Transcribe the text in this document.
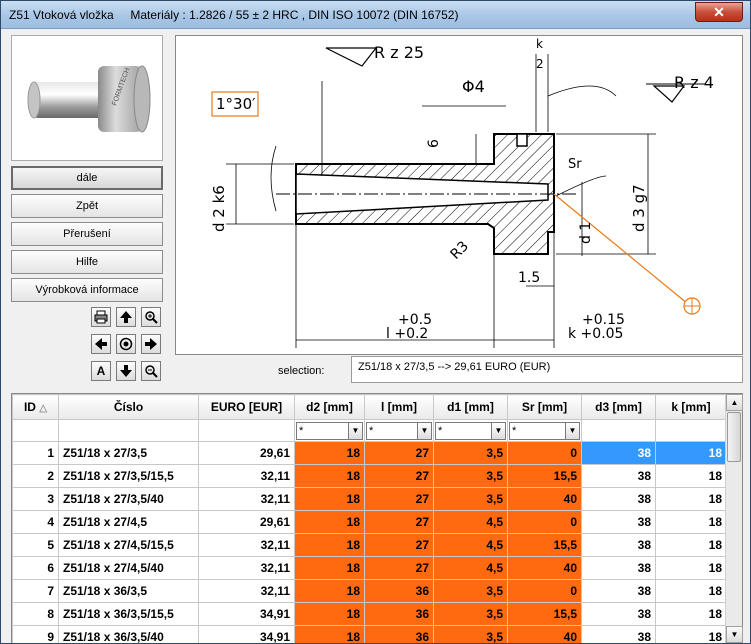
Z51 Vtoková vložka     Materiály : 1.2826 / 55 ± 2 HRC , DIN ISO 10072 (DIN 16752)	✕
FORMTECH
dále
Zpět
Přerušení
Hilfe
Výrobková informace
A
R z 25	k
2
Φ4	R z 4
1°30′
6
Sr
d 2 k6	d 3 g7
d 1
R3
1.5
+0.5
l +0.2
+0.15
k +0.05
selection:	Z51/18 x 27/3,5 --> 29,61 EURO (EUR)
ID △	Číslo	EURO [EUR]	d2 [mm]	l [mm]	d1 [mm]	Sr [mm]	d3 [mm]	k [mm]

			* ▼	* ▼	* ▼	* ▼		

1	Z51/18 x 27/3,5	29,61	18	27	3,5	0	38	18
2	Z51/18 x 27/3,5/15,5	32,11	18	27	3,5	15,5	38	18
3	Z51/18 x 27/3,5/40	32,11	18	27	3,5	40	38	18
4	Z51/18 x 27/4,5	29,61	18	27	4,5	0	38	18
5	Z51/18 x 27/4,5/15,5	32,11	18	27	4,5	15,5	38	18
6	Z51/18 x 27/4,5/40	32,11	18	27	4,5	40	38	18
7	Z51/18 x 36/3,5	32,11	18	36	3,5	0	38	18
8	Z51/18 x 36/3,5/15,5	34,91	18	36	3,5	15,5	38	18
9	Z51/18 x 36/3,5/40	34,91	18	36	3,5	40	38	18
▲
▼
